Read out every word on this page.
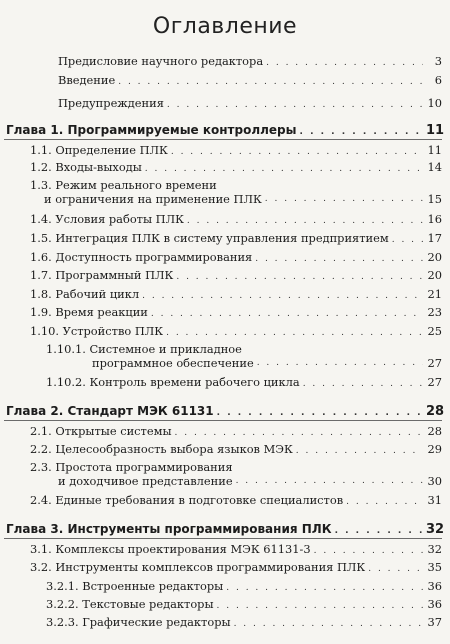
Оглавление
Предисловие научного редактора . . .	3
Введение . . .	6
Предупреждения . . .	10
Глава 1. Программируемые контроллеры . . .	11
1.1. Определение ПЛК . . .	11
1.2. Входы-выходы . . .	14
1.3. Режим реального времени
и ограничения на применение ПЛК . . .	15
1.4. Условия работы ПЛК . . .	16
1.5. Интеграция ПЛК в систему управления предприятием . . .	17
1.6. Доступность программирования . . .	20
1.7. Программный ПЛК . . .	20
1.8. Рабочий цикл . . .	21
1.9. Время реакции . . .	23
1.10. Устройство ПЛК . . .	25
1.10.1. Системное и прикладное
программное обеспечение . . .	27
1.10.2. Контроль времени рабочего цикла . . .	27
Глава 2. Стандарт МЭК 61131 . . .	28
2.1. Открытые системы . . .	28
2.2. Целесообразность выбора языков МЭК . . .	29
2.3. Простота программирования
и доходчивое представление . . .	30
2.4. Единые требования в подготовке специалистов . . .	31
Глава 3. Инструменты программирования ПЛК . . .	32
3.1. Комплексы проектирования МЭК 61131-3 . . .	32
3.2. Инструменты комплексов программирования ПЛК . . .	35
3.2.1. Встроенные редакторы . . .	36
3.2.2. Текстовые редакторы . . .	36
3.2.3. Графические редакторы . . .	37
